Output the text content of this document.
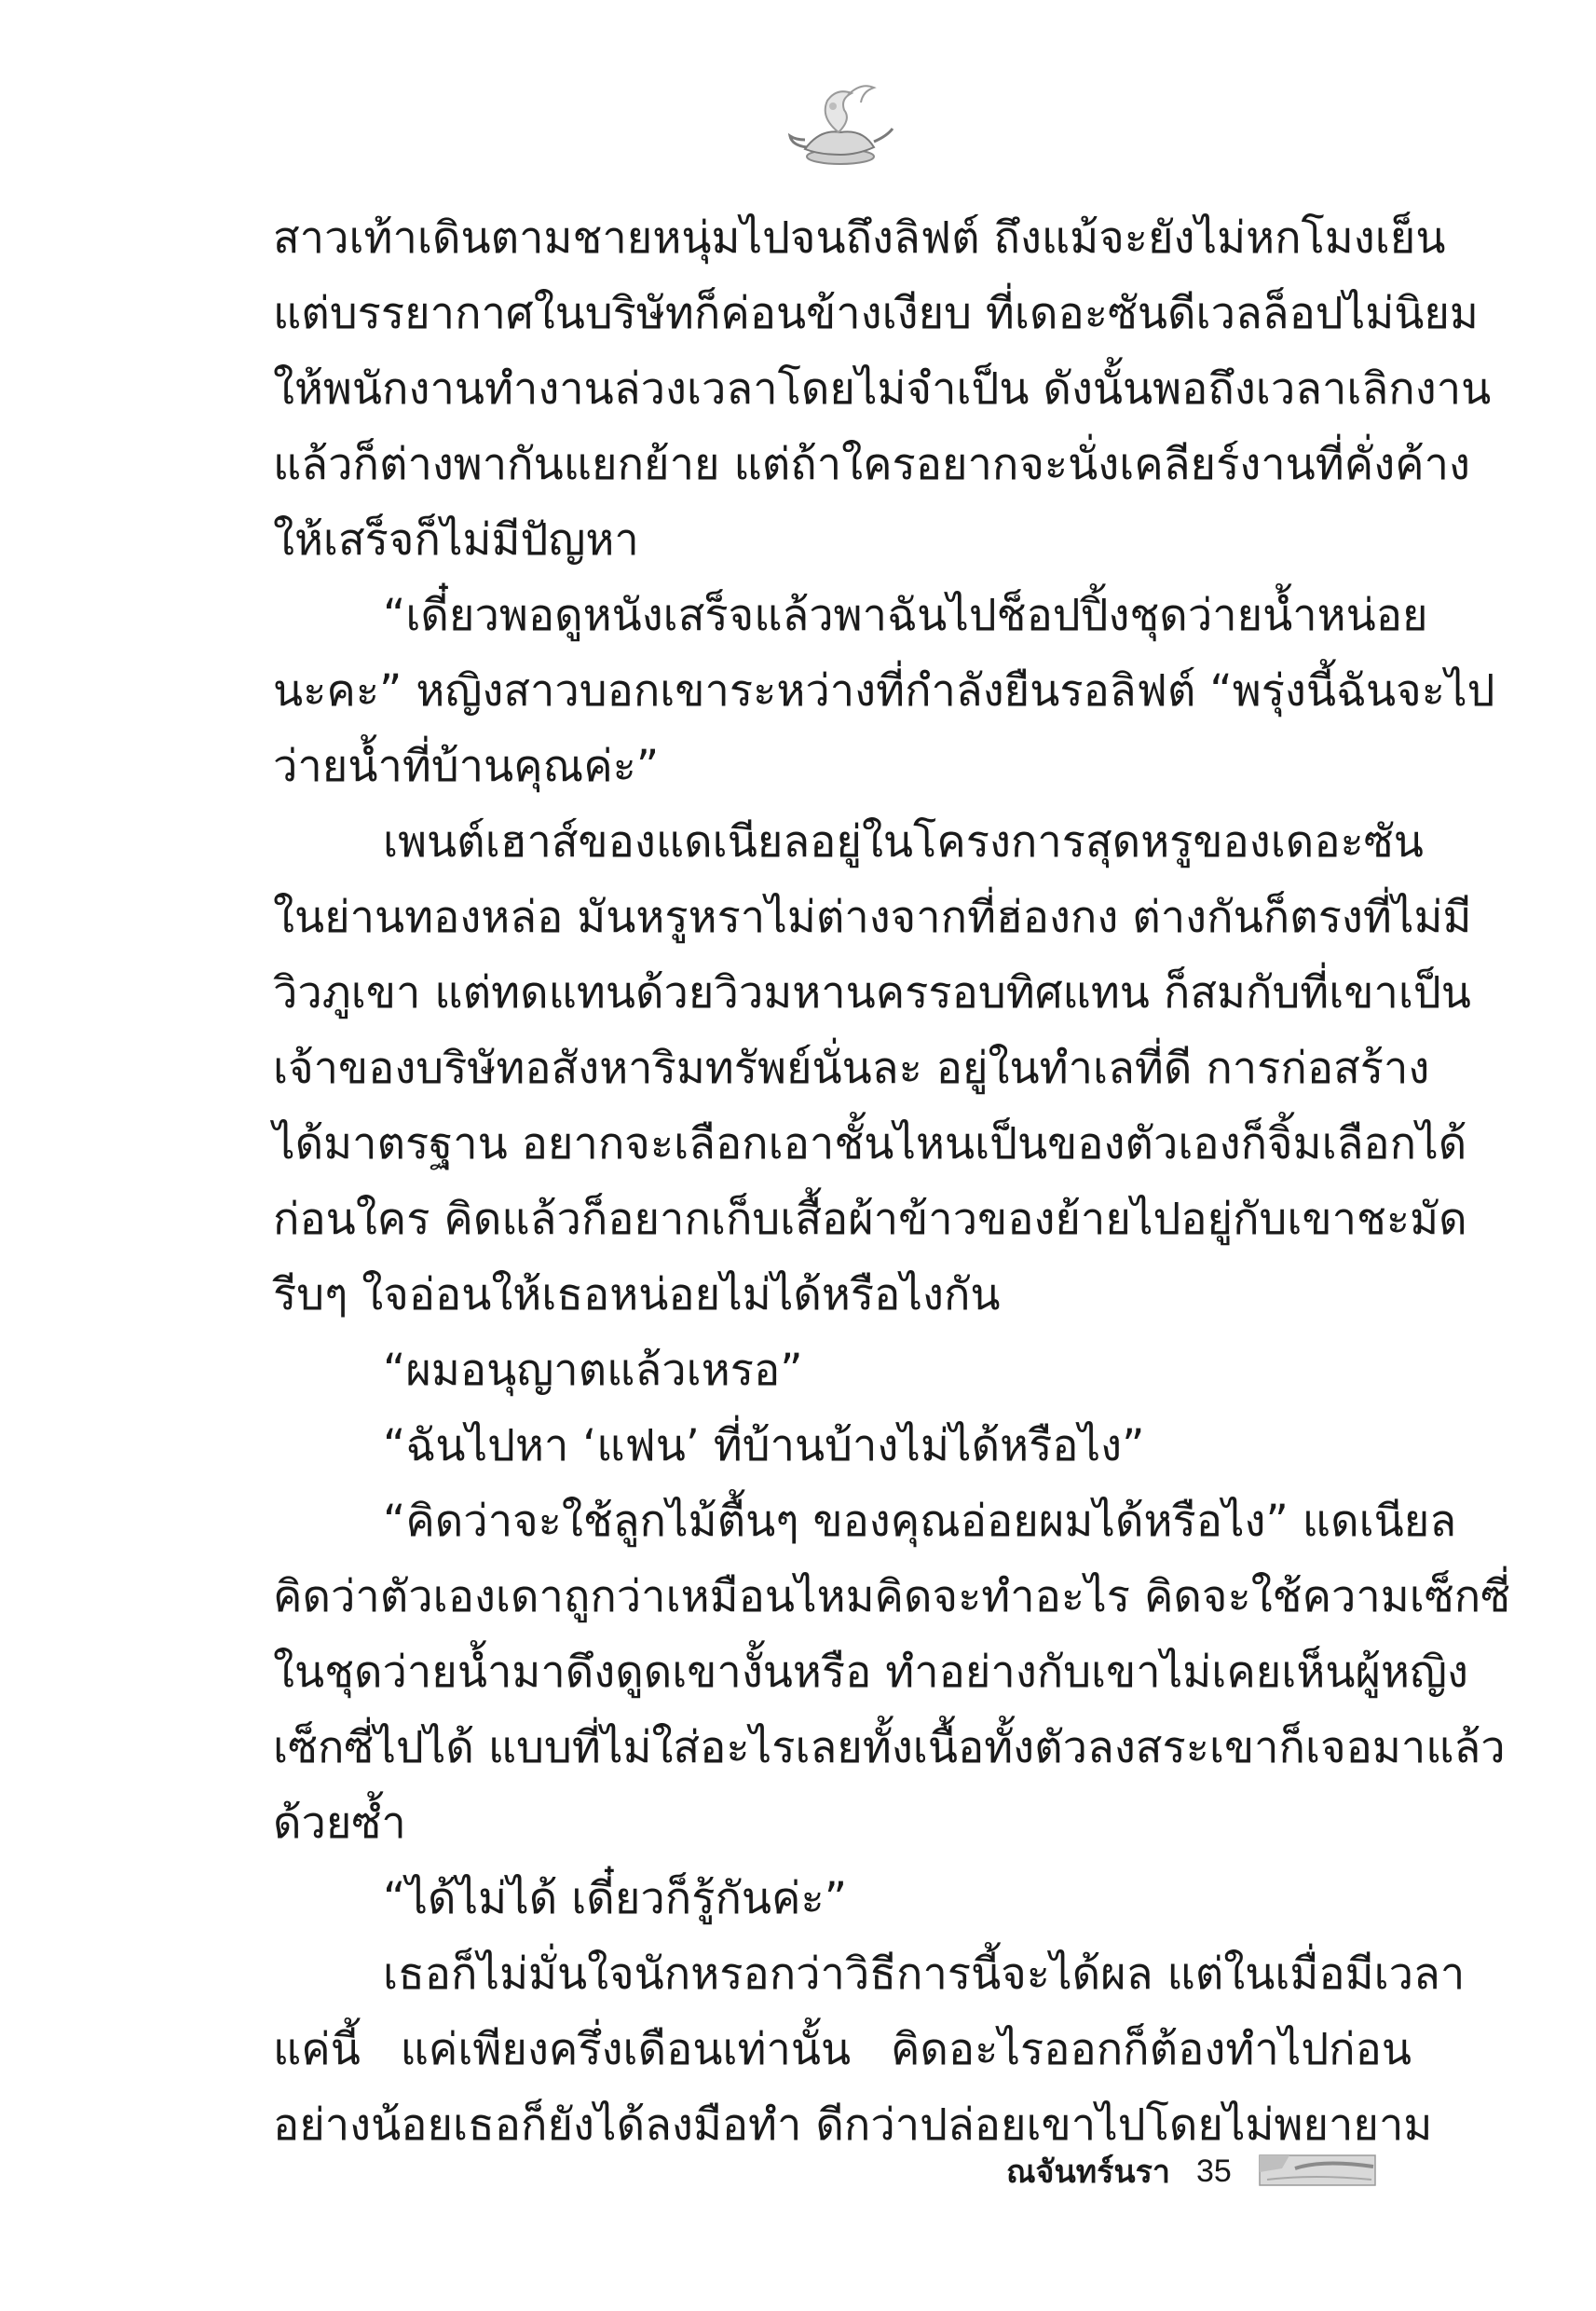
สาวเท้าเดินตามชายหนุ่มไปจนถึงลิฟต์ ถึงแม้จะยังไม่หกโมงเย็น
แต่บรรยากาศในบริษัทก็ค่อนข้างเงียบ ที่เดอะซันดีเวลล็อปไม่นิยม
ให้พนักงานทำงานล่วงเวลาโดยไม่จำเป็น ดังนั้นพอถึงเวลาเลิกงาน
แล้วก็ต่างพากันแยกย้าย แต่ถ้าใครอยากจะนั่งเคลียร์งานที่คั่งค้าง
ให้เสร็จก็ไม่มีปัญหา
“เดี๋ยวพอดูหนังเสร็จแล้วพาฉันไปช็อปปิ้งชุดว่ายน้ำหน่อย
นะคะ” หญิงสาวบอกเขาระหว่างที่กำลังยืนรอลิฟต์ “พรุ่งนี้ฉันจะไป
ว่ายน้ำที่บ้านคุณค่ะ”
เพนต์เฮาส์ของแดเนียลอยู่ในโครงการสุดหรูของเดอะซัน
ในย่านทองหล่อ มันหรูหราไม่ต่างจากที่ฮ่องกง ต่างกันก็ตรงที่ไม่มี
วิวภูเขา แต่ทดแทนด้วยวิวมหานครรอบทิศแทน ก็สมกับที่เขาเป็น
เจ้าของบริษัทอสังหาริมทรัพย์นั่นละ อยู่ในทำเลที่ดี การก่อสร้าง
ได้มาตรฐาน อยากจะเลือกเอาชั้นไหนเป็นของตัวเองก็จิ้มเลือกได้
ก่อนใคร คิดแล้วก็อยากเก็บเสื้อผ้าข้าวของย้ายไปอยู่กับเขาชะมัด
รีบๆ ใจอ่อนให้เธอหน่อยไม่ได้หรือไงกัน
“ผมอนุญาตแล้วเหรอ”
“ฉันไปหา ‘แฟน’ ที่บ้านบ้างไม่ได้หรือไง”
“คิดว่าจะใช้ลูกไม้ตื้นๆ ของคุณอ่อยผมได้หรือไง” แดเนียล
คิดว่าตัวเองเดาถูกว่าเหมือนไหมคิดจะทำอะไร คิดจะใช้ความเซ็กซี่
ในชุดว่ายน้ำมาดึงดูดเขางั้นหรือ ทำอย่างกับเขาไม่เคยเห็นผู้หญิง
เซ็กซี่ไปได้ แบบที่ไม่ใส่อะไรเลยทั้งเนื้อทั้งตัวลงสระเขาก็เจอมาแล้ว
ด้วยซ้ำ
“ได้ไม่ได้ เดี๋ยวก็รู้กันค่ะ”
เธอก็ไม่มั่นใจนักหรอกว่าวิธีการนี้จะได้ผล แต่ในเมื่อมีเวลา
แค่นี้ แค่เพียงครึ่งเดือนเท่านั้น คิดอะไรออกก็ต้องทำไปก่อน
อย่างน้อยเธอก็ยังได้ลงมือทำ ดีกว่าปล่อยเขาไปโดยไม่พยายาม
ณจันทร์นรา 35
